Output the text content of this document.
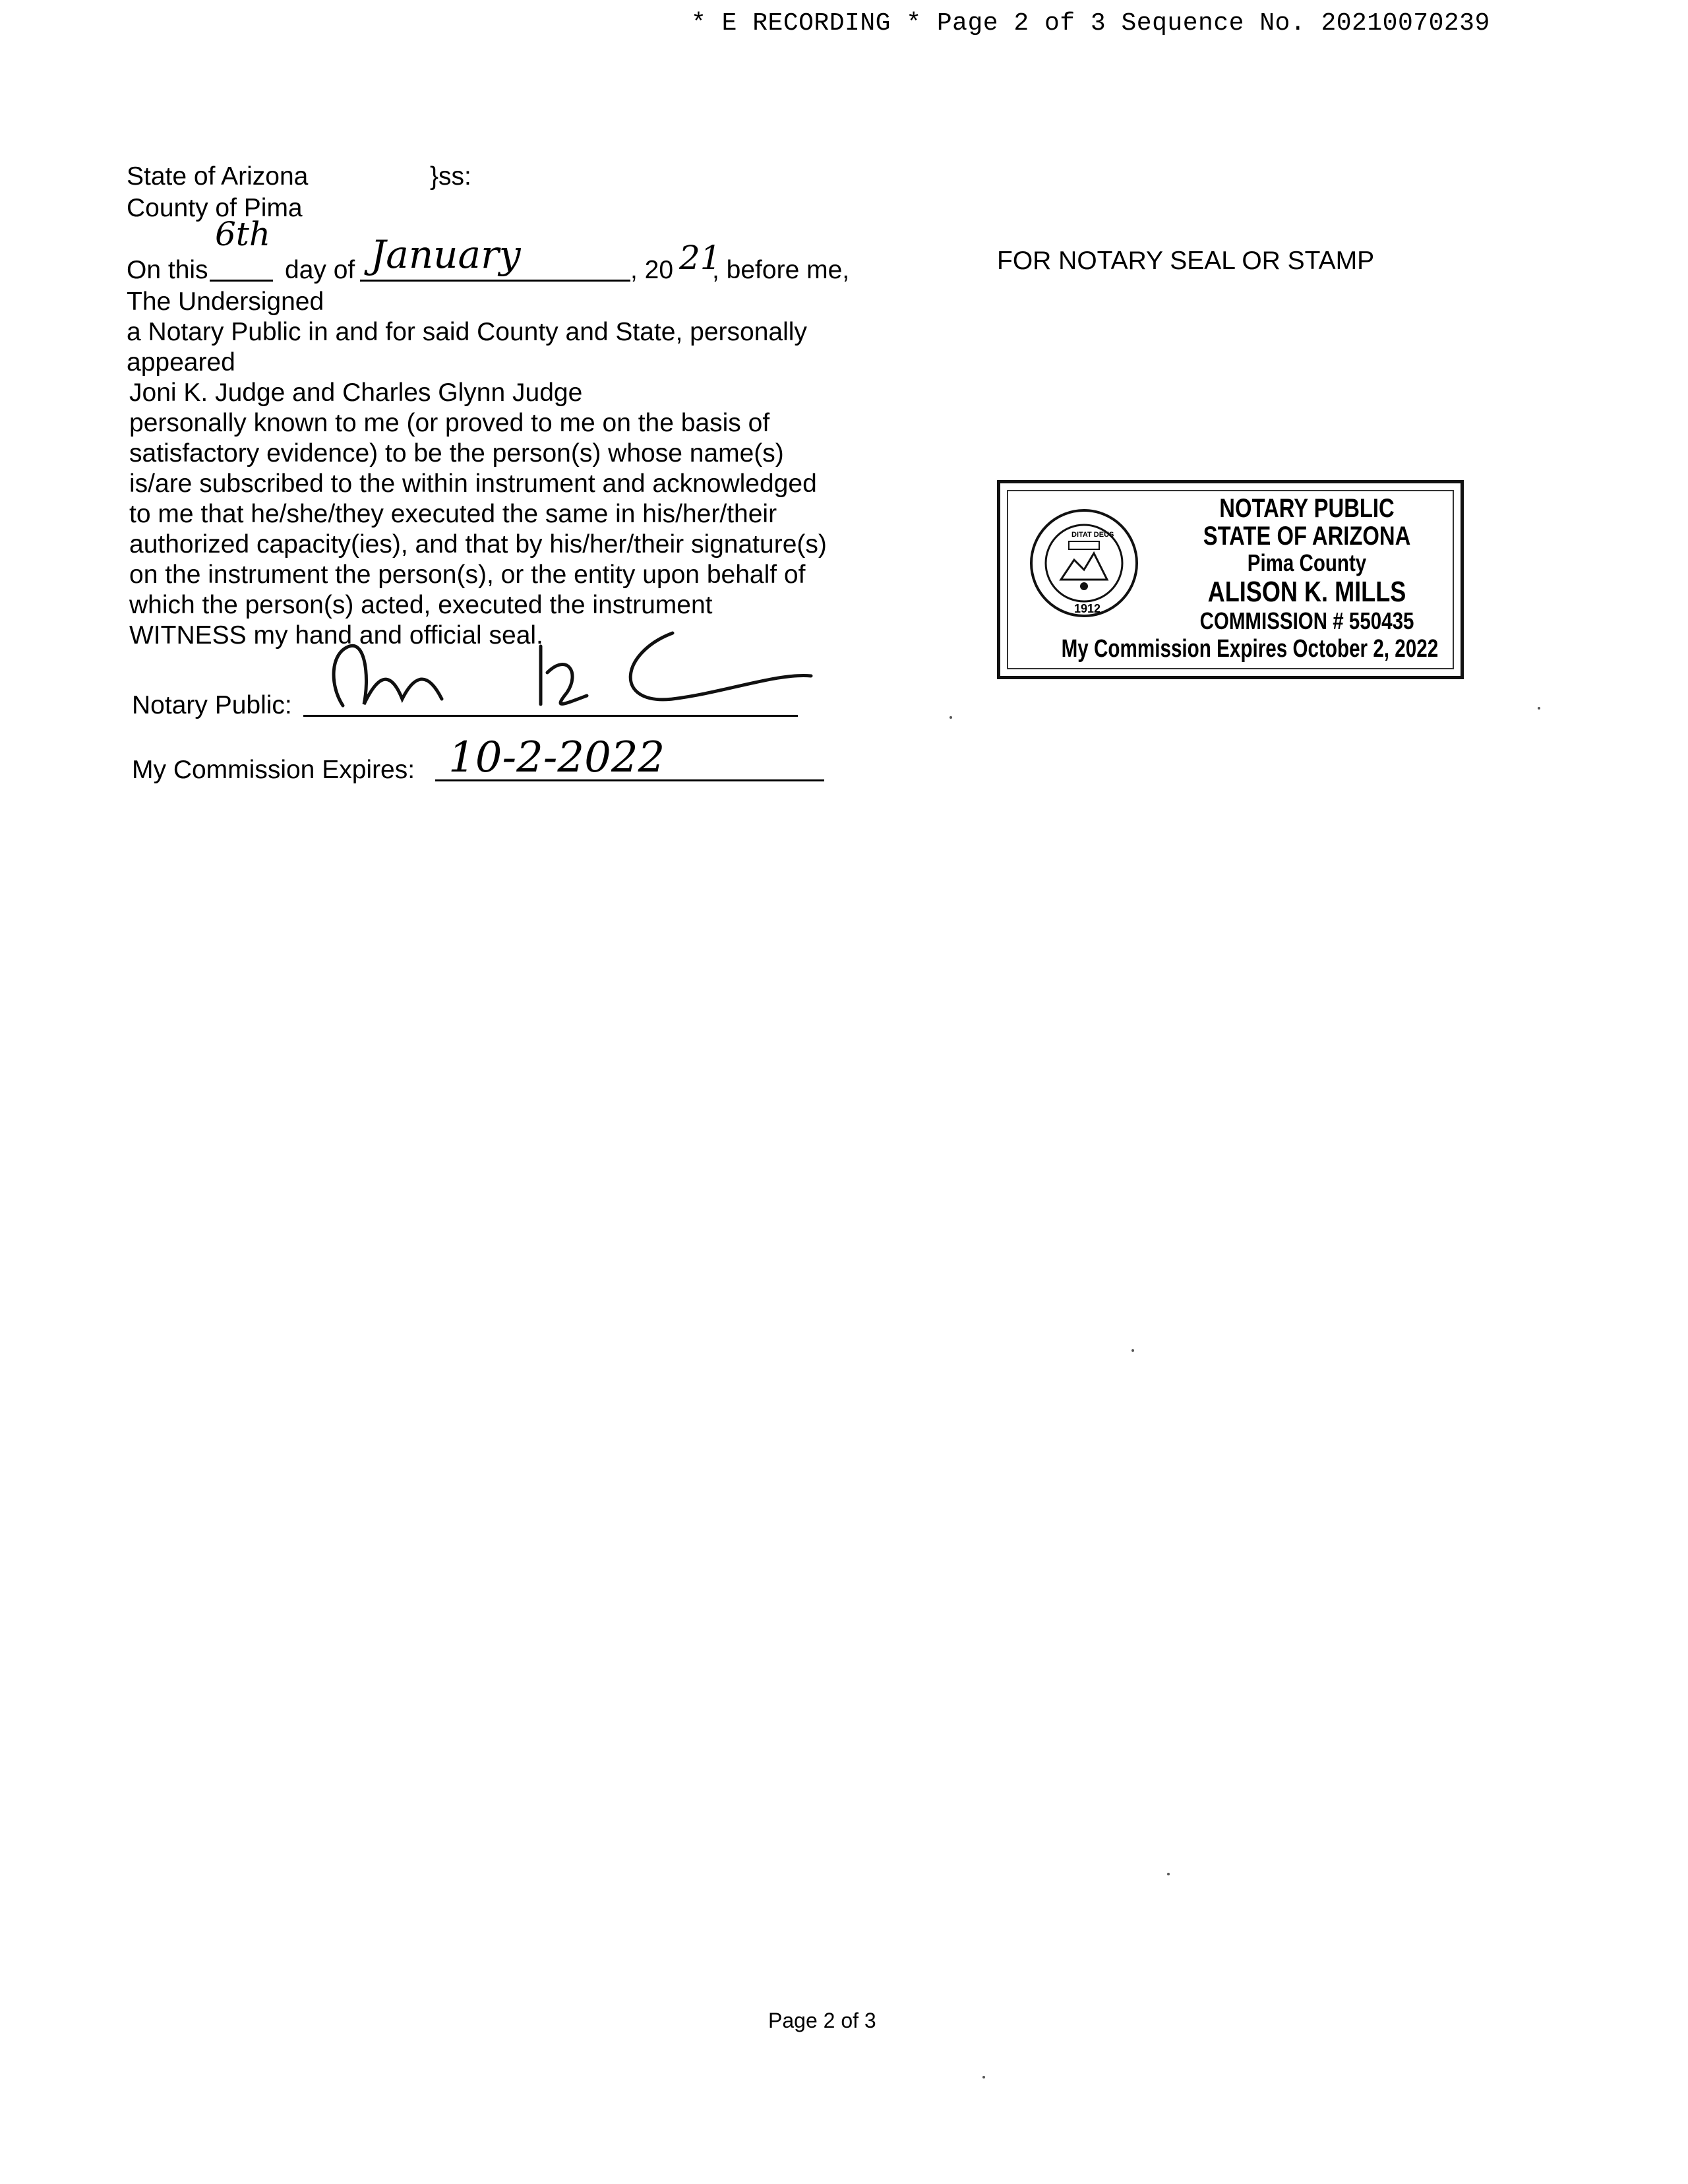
* E RECORDING * Page 2 of 3 Sequence No. 20210070239
State of Arizona	}ss:
County of Pima
On this
6th
day of January	, 20 21
, before me,
The Undersigned
a Notary Public in and for said County and State, personally
appeared
Joni K. Judge and Charles Glynn Judge
personally known to me (or proved to me on the basis of
satisfactory evidence) to be the person(s) whose name(s)
is/are subscribed to the within instrument and acknowledged
to me that he/she/they executed the same in his/her/their
authorized capacity(ies), and that by his/her/their signature(s)
on the instrument the person(s), or the entity upon behalf of
which the person(s) acted, executed the instrument
WITNESS my hand and official seal.
Notary Public:
My Commission Expires: 10-2-2022
FOR NOTARY SEAL OR STAMP
DITAT DEUS
1912
NOTARY PUBLIC
STATE OF ARIZONA
Pima County
ALISON K. MILLS
COMMISSION # 550435
My Commission Expires October 2, 2022
Page 2 of 3
